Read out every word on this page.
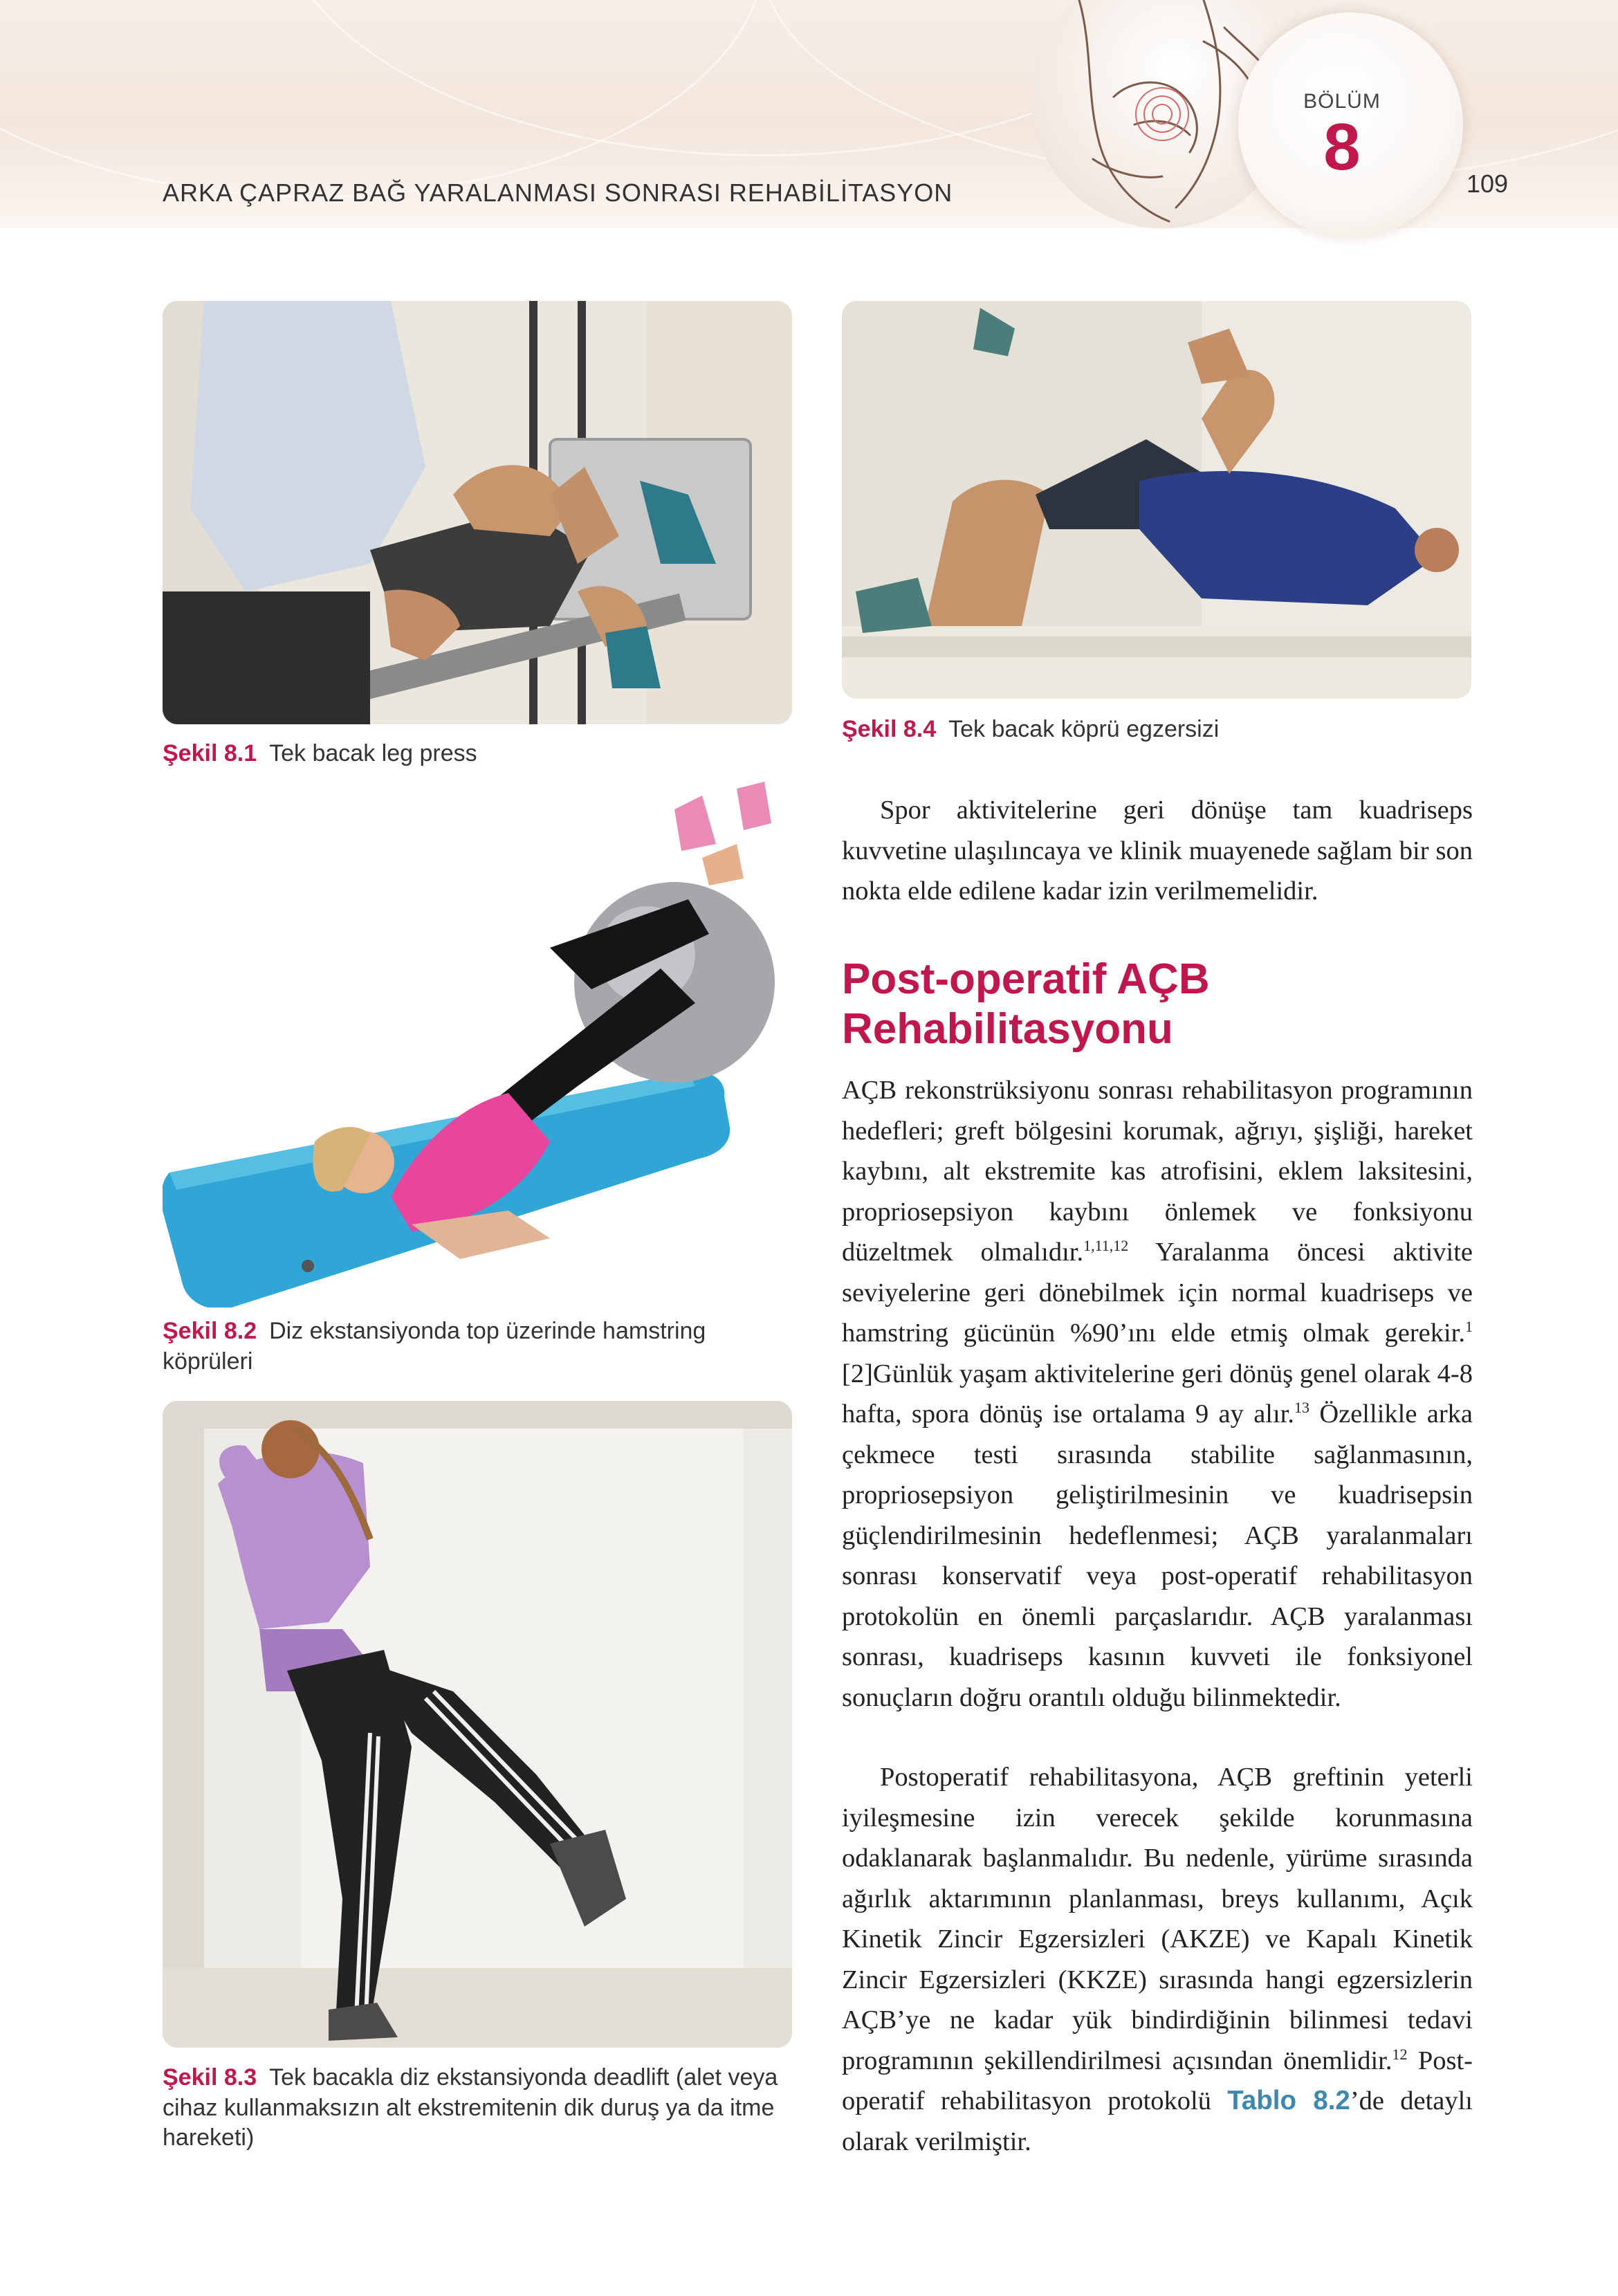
ARKA ÇAPRAZ BAĞ YARALANMASI SONRASI REHABİLİTASYON
BÖLÜM
8	109
Şekil 8.1 Tek bacak leg press
Şekil 8.4 Tek bacak köprü egzersizi
Şekil 8.2 Diz ekstansiyonda top üzerinde hamstring köprüleri
Şekil 8.3 Tek bacakla diz ekstansiyonda deadlift (alet veya cihaz kullanmaksızın alt ekstremitenin dik duruş ya da itme hareketi)

Spor aktivitelerine geri dönüşe tam kuadriseps kuvvetine ulaşılıncaya ve klinik muayenede sağlam bir son nokta elde edilene kadar izin verilmemelidir.

Post-operatif AÇB Rehabilitasyonu

AÇB rekonstrüksiyonu sonrası rehabilitasyon programının hedefleri; greft bölgesini korumak, ağrıyı, şişliği, hareket kaybını, alt ekstremite kas atrofisini, eklem laksitesini, propriosepsiyon kaybını önlemek ve fonksiyonu düzeltmek olmalıdır.$^{1,11,12}$ Yaralanma öncesi aktivite seviyelerine geri dönebilmek için normal kuadriseps ve hamstring gücünün %90’ını elde etmiş olmak gerekir.$^1$ [2]Günlük yaşam aktivitelerine geri dönüş genel olarak 4-8 hafta, spora dönüş ise ortalama 9 ay alır.$^{13}$ Özellikle arka çekmece testi sırasında stabilite sağlanmasının, propriosepsiyon geliştirilmesinin ve kuadrisepsin güçlendirilmesinin hedeflenmesi; AÇB yaralanmaları sonrası konservatif veya post-operatif rehabilitasyon protokolün en önemli parçaslarıdır. AÇB yaralanması sonrası, kuadriseps kasının kuvveti ile fonksiyonel sonuçların doğru orantılı olduğu bilinmektedir.

Postoperatif rehabilitasyona, AÇB greftinin yeterli iyileşmesine izin verecek şekilde korunmasına odaklanarak başlanmalıdır. Bu nedenle, yürüme sırasında ağırlık aktarımının planlanması, breys kullanımı, Açık Kinetik Zincir Egzersizleri (AKZE) ve Kapalı Kinetik Zincir Egzersizleri (KKZE) sırasında hangi egzersizlerin AÇB’ye ne kadar yük bindirdiğinin bilinmesi tedavi programının şekillendirilmesi açısından önemlidir.$^{12}$ Post-operatif rehabilitasyon protokolü Tablo 8.2’de detaylı olarak verilmiştir.
